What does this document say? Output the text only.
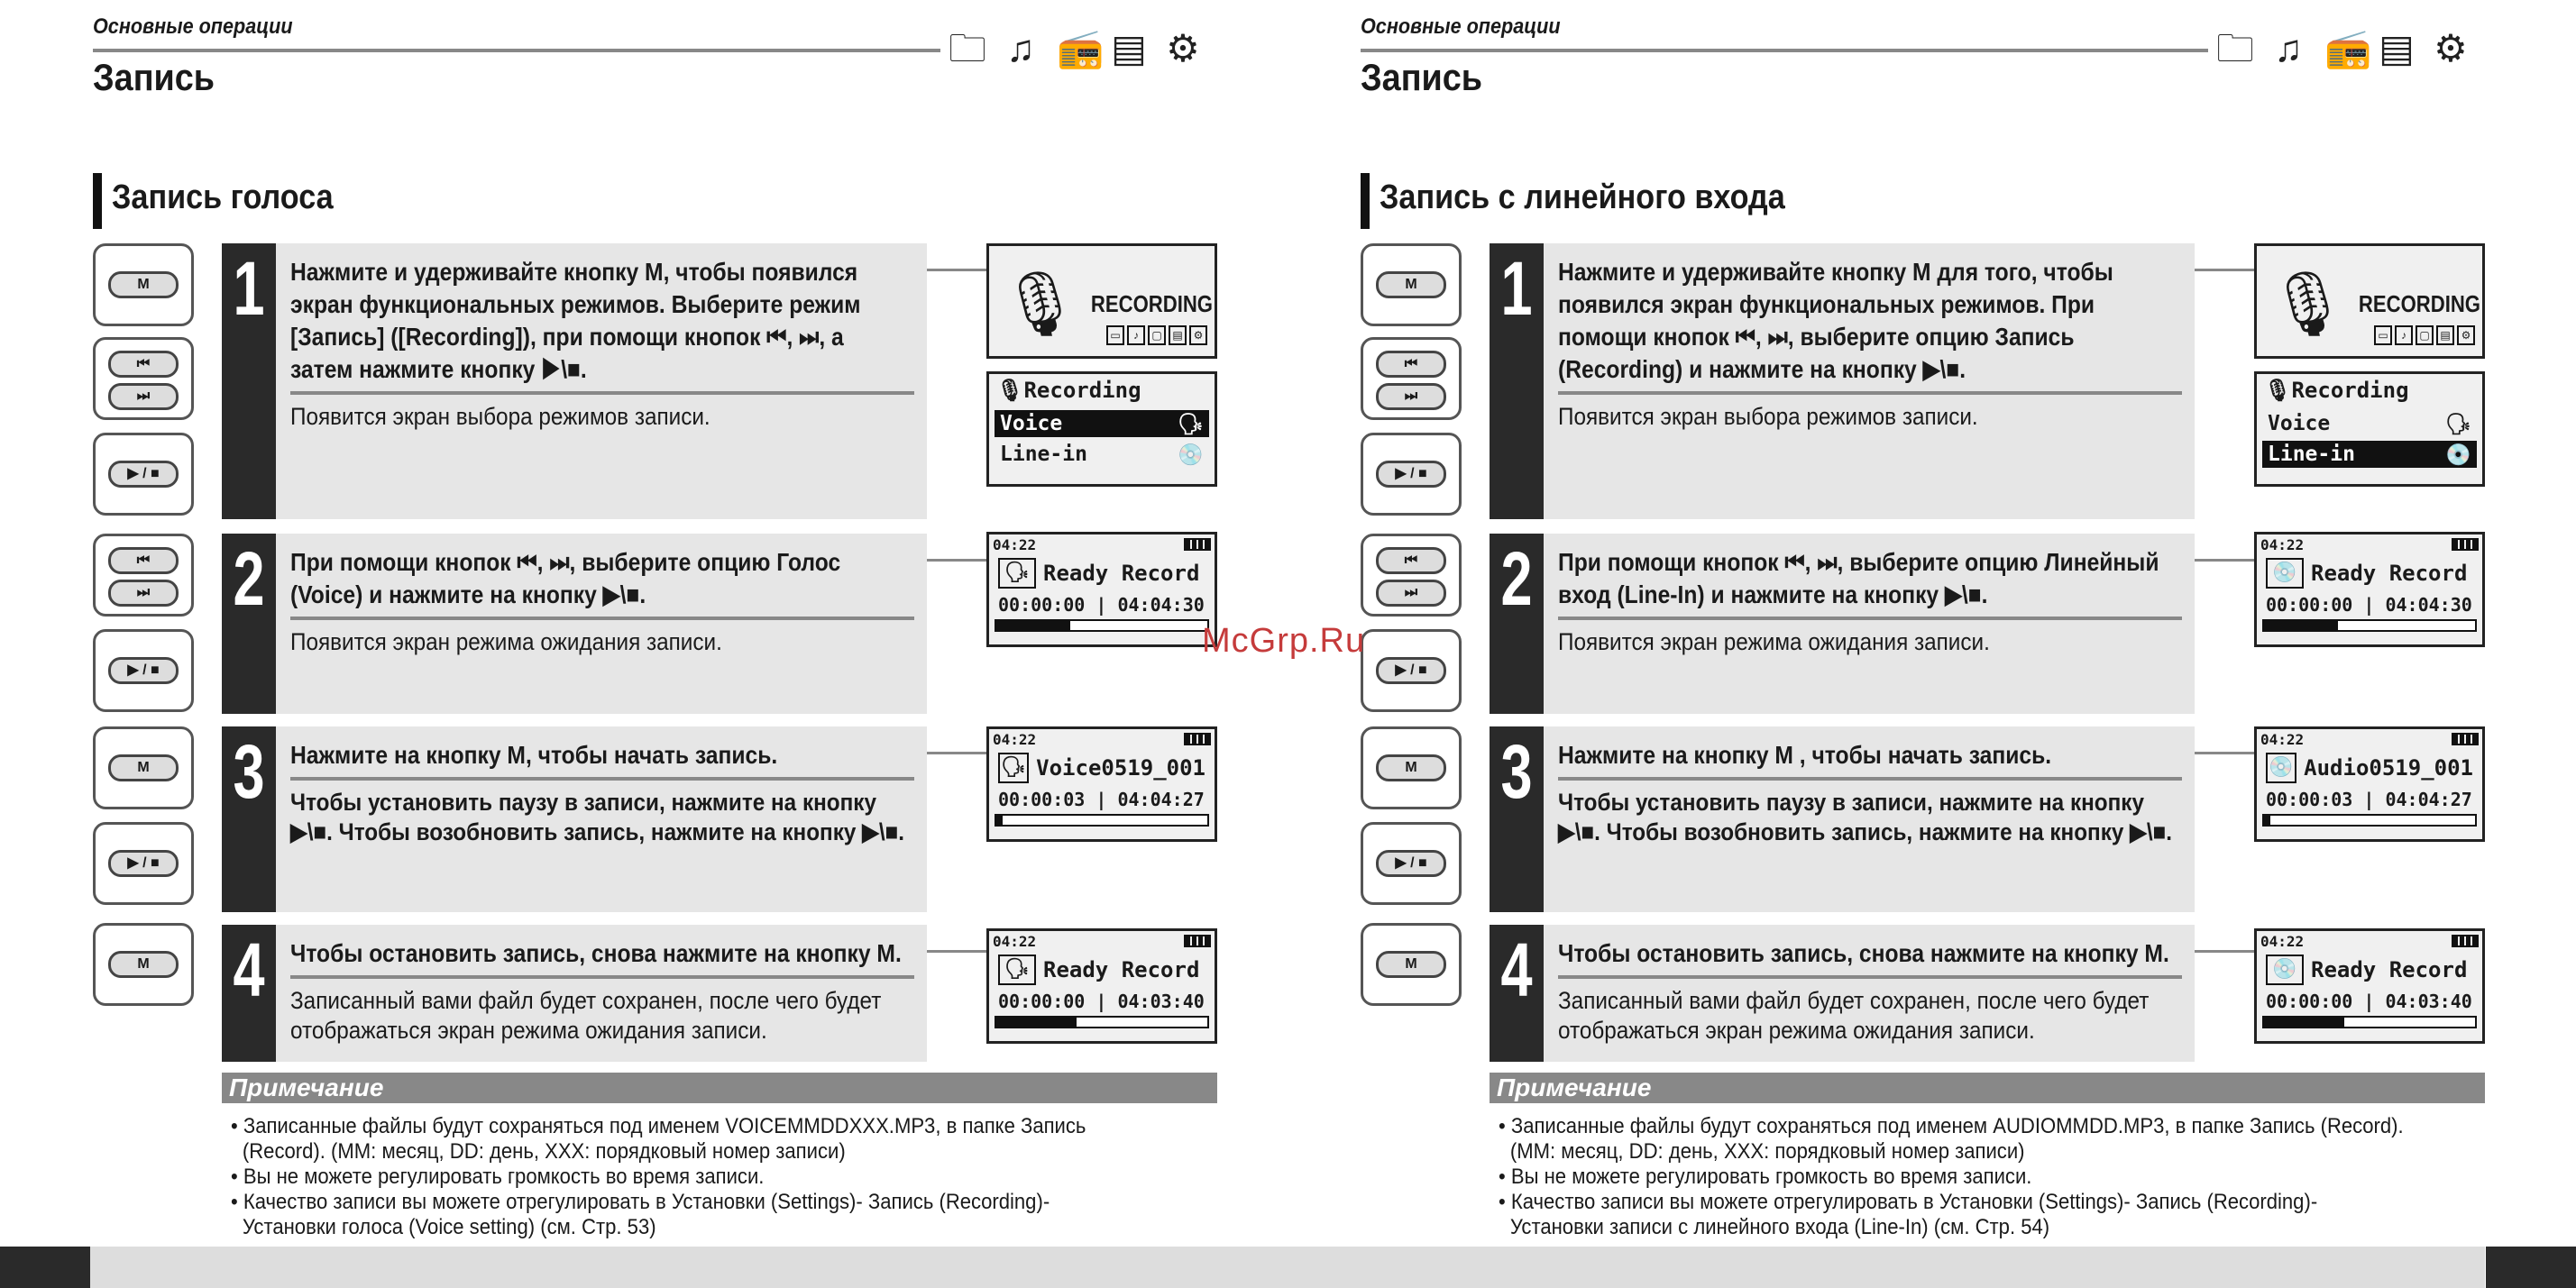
Основные операции
Запись
🗀 ♫ 📻 ▤ ⚙
Запись голоса
1 Нажмите и удерживайте кнопку M, чтобы появился экран функциональных режимов. Выберите режим [Запись] ([Recording]), при помощи кнопок ⏮, ⏭, а затем нажмите кнопку ▶\■.
Появится экран выбора режимов записи.
M
⏮
⏭
▶ / ■
2 При помощи кнопок ⏮, ⏭, выберите опцию Голос (Voice) и нажмите на кнопку ▶\■.
Появится экран режима ожидания записи.
⏮
⏭
▶ / ■
3 Нажмите на кнопку M, чтобы начать запись.
Чтобы установить паузу в записи, нажмите на кнопку ▶\■. Чтобы возобновить запись, нажмите на кнопку ▶\■.
M
▶ / ■
4 Чтобы остановить запись, снова нажмите на кнопку M.
Записанный вами файл будет сохранен, после чего будет отображаться экран режима ожидания записи.
M
🎙 RECORDING
▭	♪	▢ ▤ ⚙
🎙Recording
Voice	🗣
Line-in	💿
04:22
🗣 Ready Record
00:00:00 | 04:04:30
04:22
🗣 Voice0519_001
00:00:03 | 04:04:27
04:22
🗣 Ready Record
00:00:00 | 04:03:40
Примечание
• Записанные файлы будут сохраняться под именем VOICEMMDDXXX.MP3, в папке Запись (Record). (MM: месяц, DD: день, XXX: порядковый номер записи)
• Вы не можете регулировать громкость во время записи.
• Качество записи вы можете отрегулировать в Установки (Settings)- Запись (Recording)- Установки голоса (Voice setting) (см. Стр. 53)
Основные операции
Запись
🗀 ♫ 📻 ▤ ⚙
Запись с линейного входа
1 Нажмите и удерживайте кнопку M для того, чтобы появился экран функциональных режимов. При помощи кнопок ⏮, ⏭, выберите опцию Запись (Recording) и нажмите на кнопку ▶\■.
Появится экран выбора режимов записи.
M
⏮
⏭
▶ / ■
2 При помощи кнопок ⏮, ⏭, выберите опцию Линейный вход (Line-In) и нажмите на кнопку ▶\■.
Появится экран режима ожидания записи.
⏮
⏭
▶ / ■
3 Нажмите на кнопку M , чтобы начать запись.
Чтобы установить паузу в записи, нажмите на кнопку ▶\■. Чтобы возобновить запись, нажмите на кнопку ▶\■.
M
▶ / ■
4 Чтобы остановить запись, снова нажмите на кнопку M.
Записанный вами файл будет сохранен, после чего будет отображаться экран режима ожидания записи.
M
🎙 RECORDING
▭	♪	▢ ▤ ⚙
🎙Recording
Voice	🗣
Line-in	💿
04:22
💿 Ready Record
00:00:00 | 04:04:30
04:22
💿 Audio0519_001
00:00:03 | 04:04:27
04:22
💿 Ready Record
00:00:00 | 04:03:40
Примечание
• Записанные файлы будут сохраняться под именем AUDIOMMDD.MP3, в папке Запись (Record). (MM: месяц, DD: день, XXX: порядковый номер записи)
• Вы не можете регулировать громкость во время записи.
• Качество записи вы можете отрегулировать в Установки (Settings)- Запись (Recording)- Установки записи с линейного входа (Line-In) (см. Стр. 54)
McGrp.Ru
